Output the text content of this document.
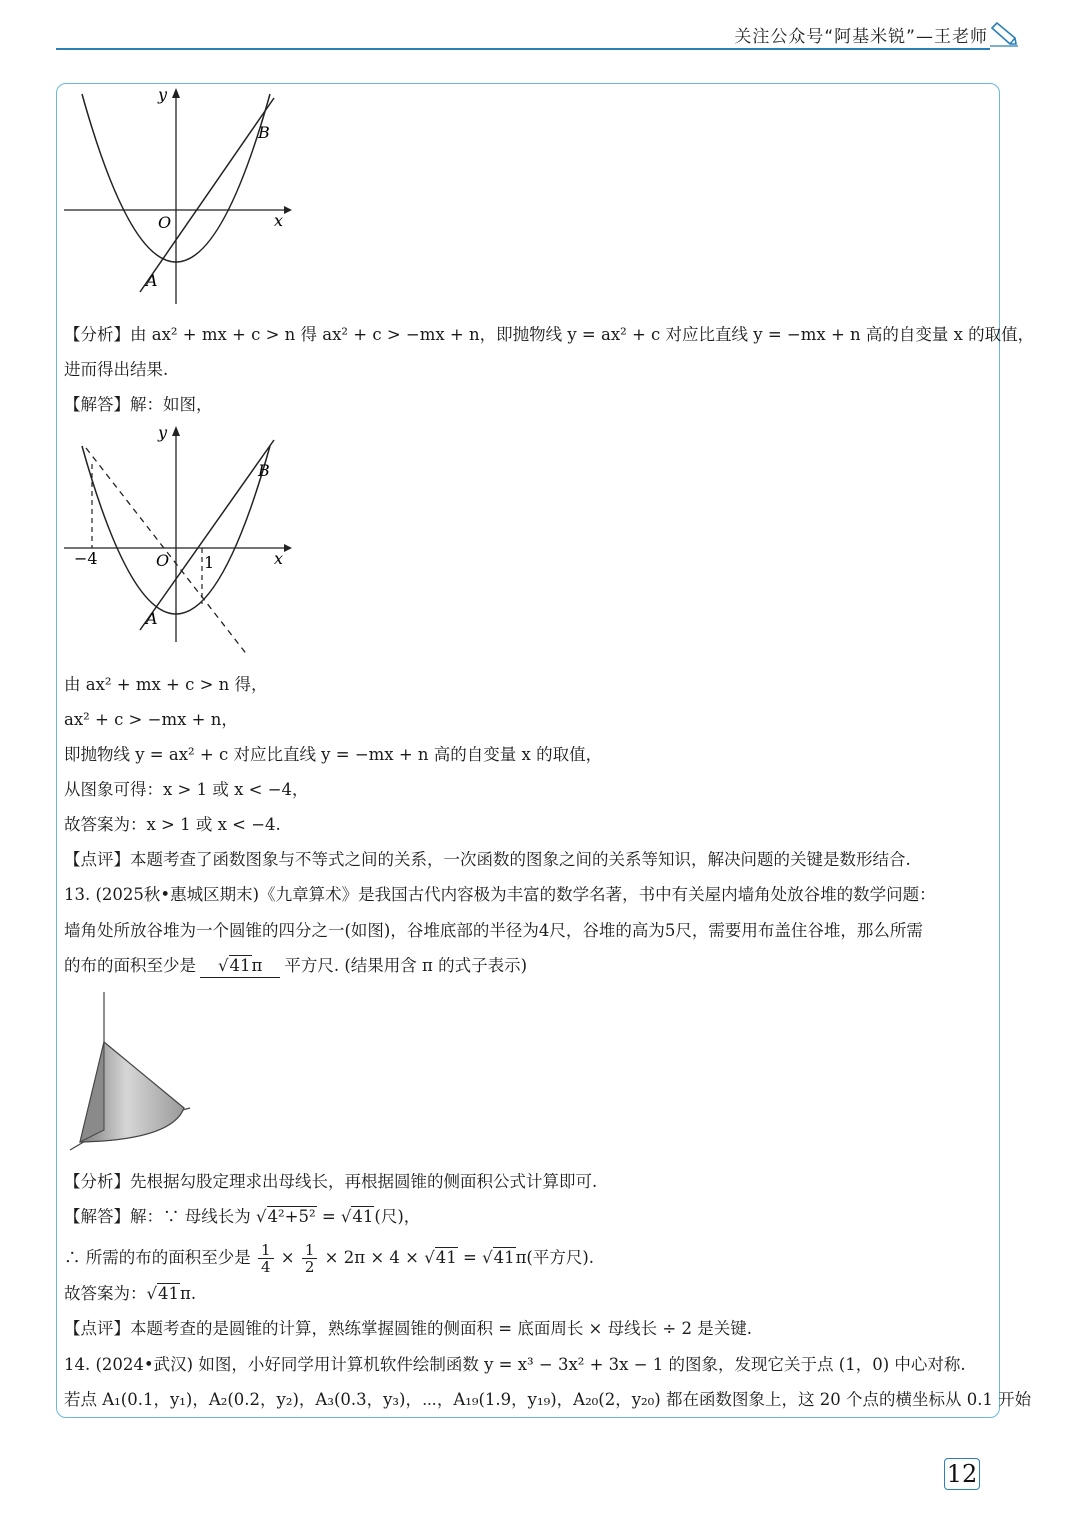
关注公众号“阿基米锐”—王老师
y
x
O
A
B
【分析】由 ax² + mx + c > n 得 ax² + c > −mx + n，即抛物线 y = ax² + c 对应比直线 y = −mx + n 高的自变量 x 的取值，
进而得出结果.
【解答】解：如图，
y
x
O
A
B
−4	1
由 ax² + mx + c > n 得，
ax² + c > −mx + n，
即抛物线 y = ax² + c 对应比直线 y = −mx + n 高的自变量 x 的取值，
从图象可得：x > 1 或 x < −4，
故答案为：x > 1 或 x < −4.
【点评】本题考查了函数图象与不等式之间的关系，一次函数的图象之间的关系等知识，解决问题的关键是数形结合.
13. (2025秋•惠城区期末)《九章算术》是我国古代内容极为丰富的数学名著，书中有关屋内墙角处放谷堆的数学问题：
墙角处所放谷堆为一个圆锥的四分之一(如图)，谷堆底部的半径为4尺，谷堆的高为5尺，需要用布盖住谷堆，那么所需
的布的面积至少是 √41π 平方尺. (结果用含 π 的式子表示)
【分析】先根据勾股定理求出母线长，再根据圆锥的侧面积公式计算即可.
【解答】解：∵ 母线长为 √4²+5² = √41(尺)，
∴ 所需的布的面积至少是 $\frac{1}{4} \times \frac{1}{2} \times 2\pi \times 4 \times √41 = √41\pi$(平方尺).
故答案为：√41π.
【点评】本题考查的是圆锥的计算，熟练掌握圆锥的侧面积 = 底面周长 × 母线长 ÷ 2 是关键.
14. (2024•武汉) 如图，小好同学用计算机软件绘制函数 y = x³ − 3x² + 3x − 1 的图象，发现它关于点 (1，0) 中心对称.
若点 A₁(0.1，y₁)，A₂(0.2，y₂)，A₃(0.3，y₃)，⋯，A₁₉(1.9，y₁₉)，A₂₀(2，y₂₀) 都在函数图象上，这 20 个点的横坐标从 0.1 开始
12
